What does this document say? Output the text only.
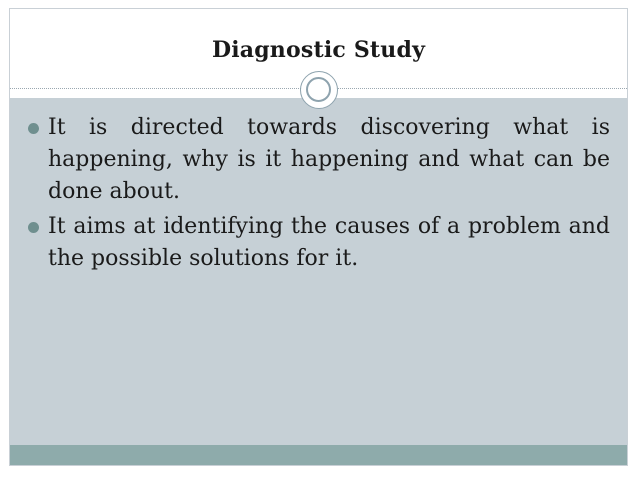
Diagnostic Study
It is directed towards discovering what is happening, why is it happening and what can be done about.
It aims at identifying the causes of a problem and the possible solutions for it.
